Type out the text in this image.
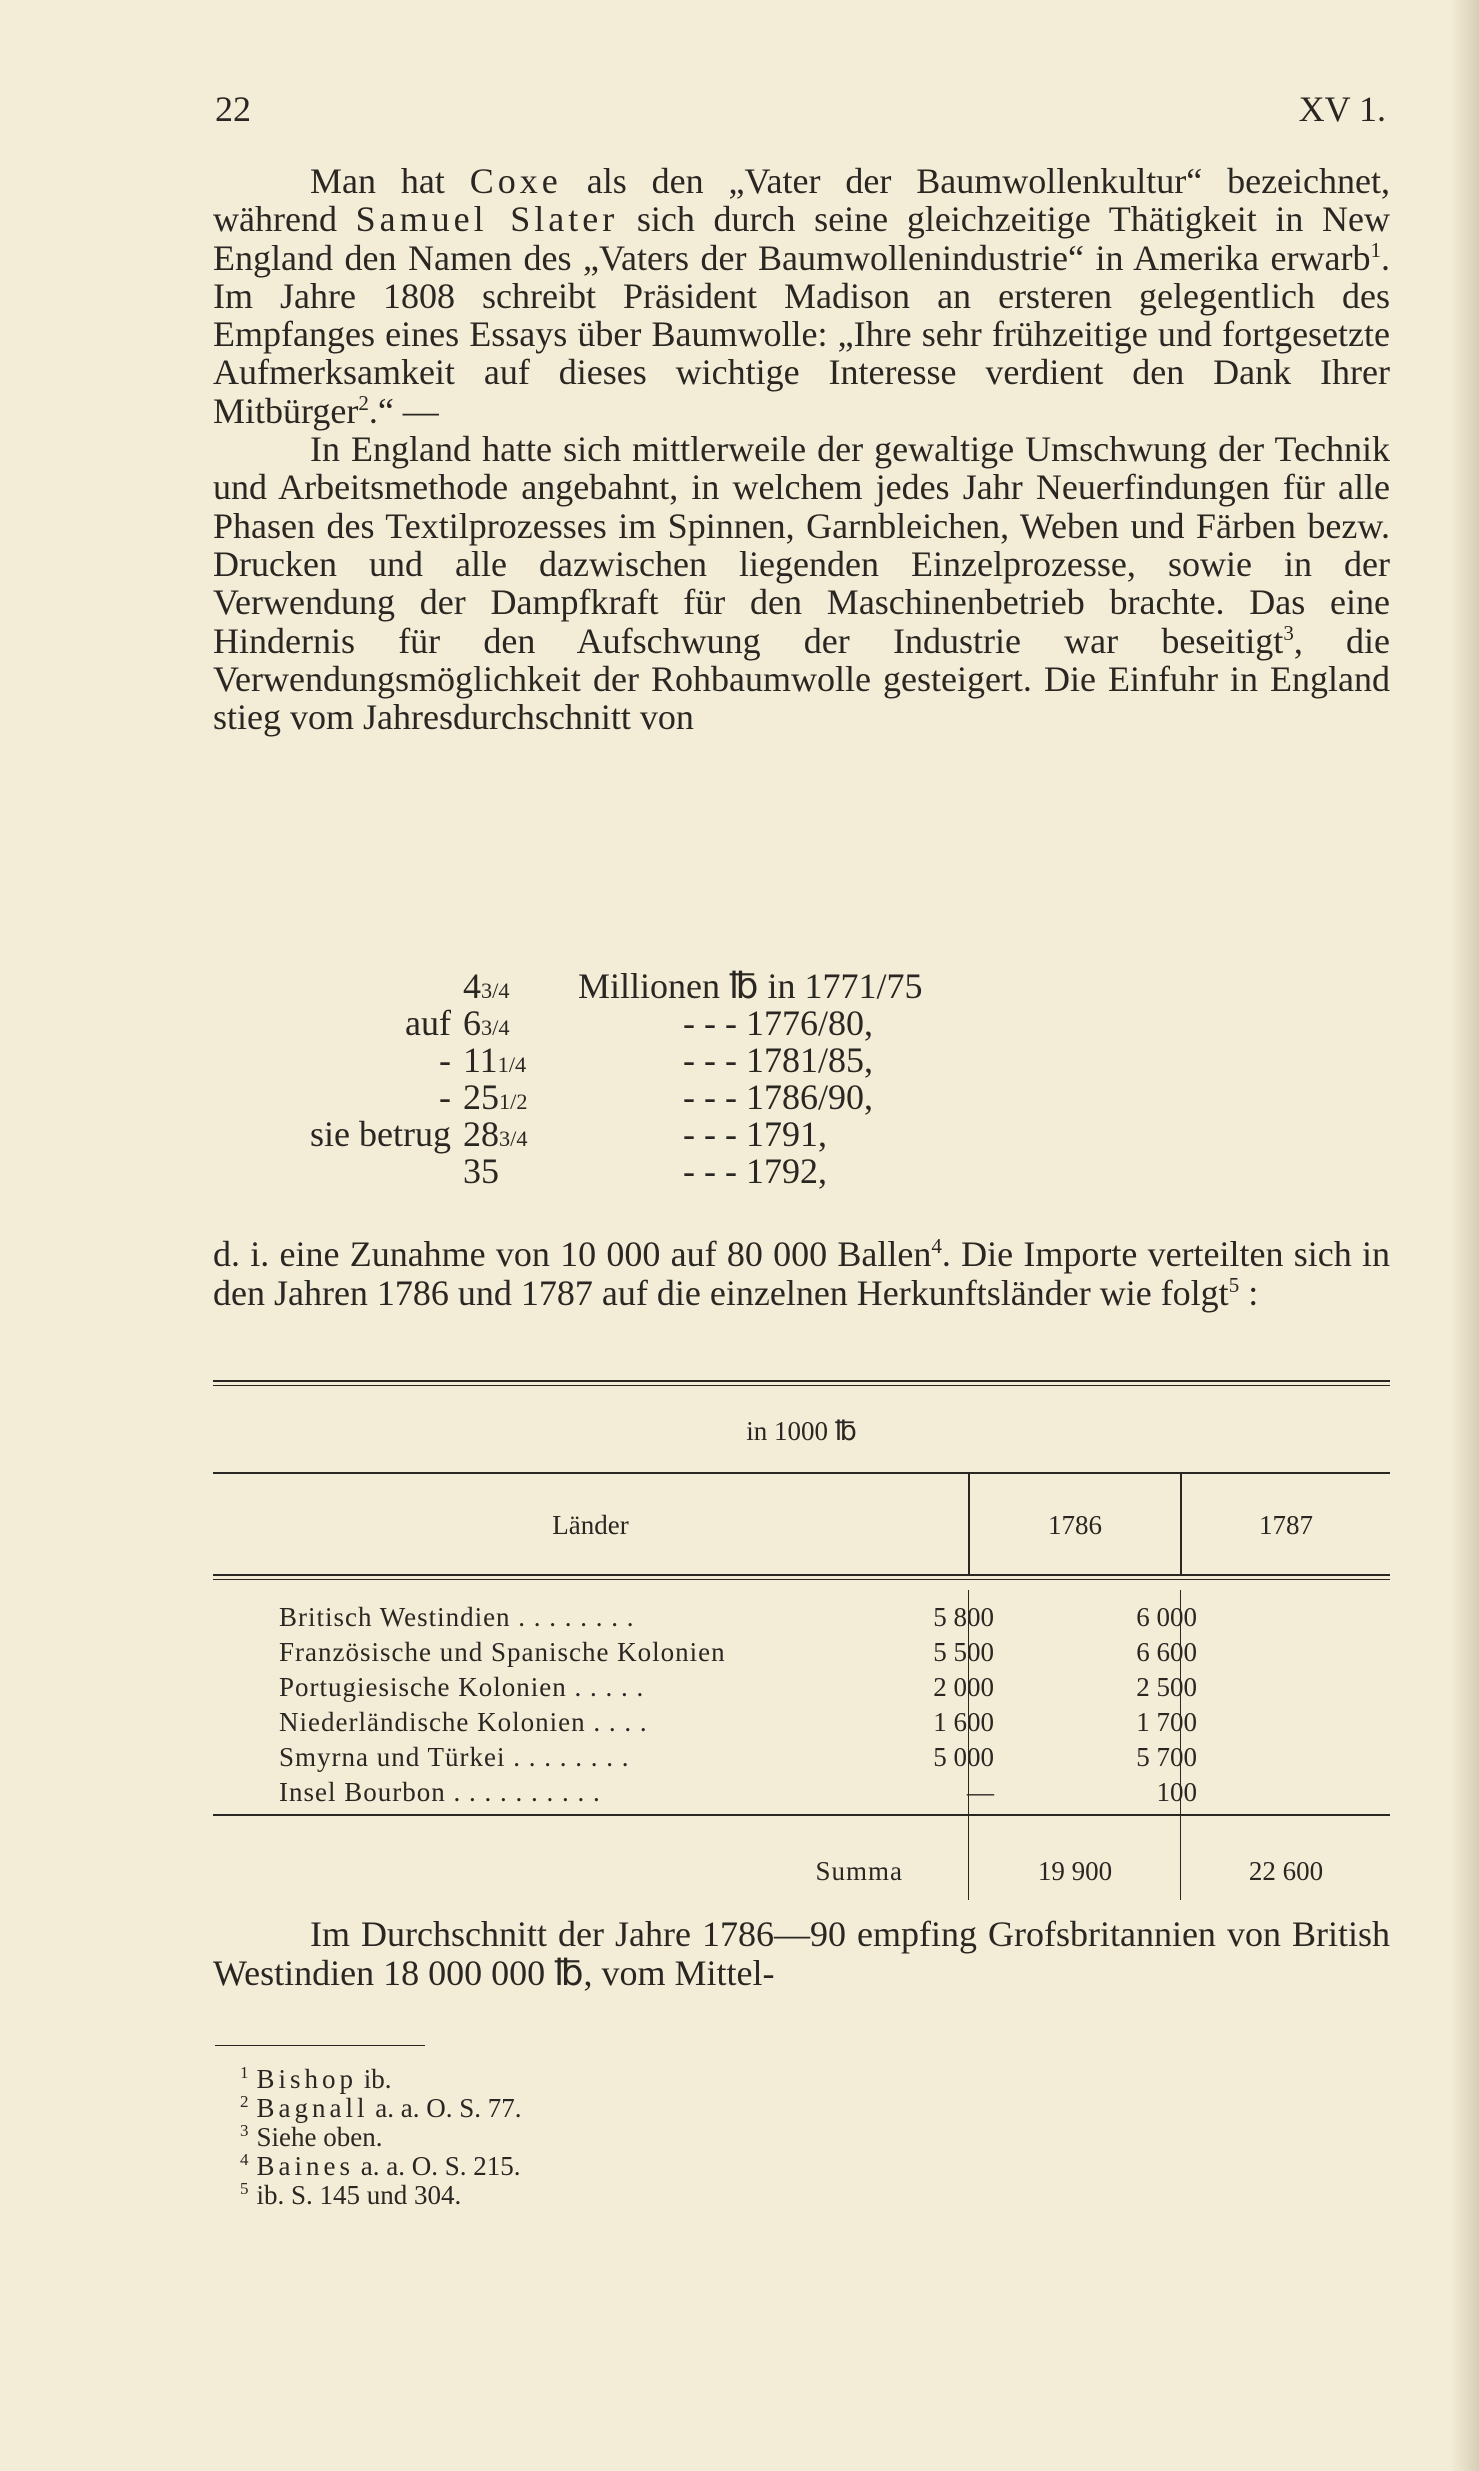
22	XV 1.

Man hat Coxe als den „Vater der Baumwollenkultur“ bezeichnet, während Samuel Slater sich durch seine gleichzeitige Thätigkeit in New England den Namen des „Vaters der Baumwollenindustrie“ in Amerika erwarb$^1$. Im Jahre 1808 schreibt Präsident Madison an ersteren gelegentlich des Empfanges eines Essays über Baumwolle: „Ihre sehr frühzeitige und fortgesetzte Aufmerksamkeit auf dieses wichtige Interesse verdient den Dank Ihrer Mitbürger$^2$.“ —

In England hatte sich mittlerweile der gewaltige Umschwung der Technik und Arbeitsmethode angebahnt, in welchem jedes Jahr Neuerfindungen für alle Phasen des Textilprozesses im Spinnen, Garnbleichen, Weben und Färben bezw. Drucken und alle dazwischen liegenden Einzelprozesse, sowie in der Verwendung der Dampfkraft für den Maschinenbetrieb brachte. Das eine Hindernis für den Aufschwung der Industrie war beseitigt$^3$, die Verwendungsmöglichkeit der Rohbaumwolle gesteigert. Die Einfuhr in England stieg vom Jahresdurchschnitt von

43/4 Millionen ℔ in 1771/75
auf 63/4	- - - 1776/80,
- 111/4	- - - 1781/85,
- 251/2	- - - 1786/90,
sie betrug 283/4	- - - 1791,
35	- - - 1792,

d. i. eine Zunahme von 10 000 auf 80 000 Ballen$^4$. Die Importe verteilten sich in den Jahren 1786 und 1787 auf die einzelnen Herkunftsländer wie folgt$^5$ :

in 1000 ℔
Länder	1786	1787
Britisch Westindien . . . . . . . .	5 800	6 000
Französische und Spanische Kolonien	5 500	6 600
Portugiesische Kolonien . . . . .	2 000	2 500
Niederländische Kolonien . . . .	1 600	1 700
Smyrna und Türkei . . . . . . . .	5 000	5 700
Insel Bourbon . . . . . . . . . .	—	100
Summa	19 900	22 600

Im Durchschnitt der Jahre 1786—90 empfing Grofsbritannien von British Westindien 18 000 000 ℔, vom Mittel-

$^1$ Bishop ib.
$^2$ Bagnall a. a. O. S. 77.
$^3$ Siehe oben.
$^4$ Baines a. a. O. S. 215.
$^5$ ib. S. 145 und 304.
